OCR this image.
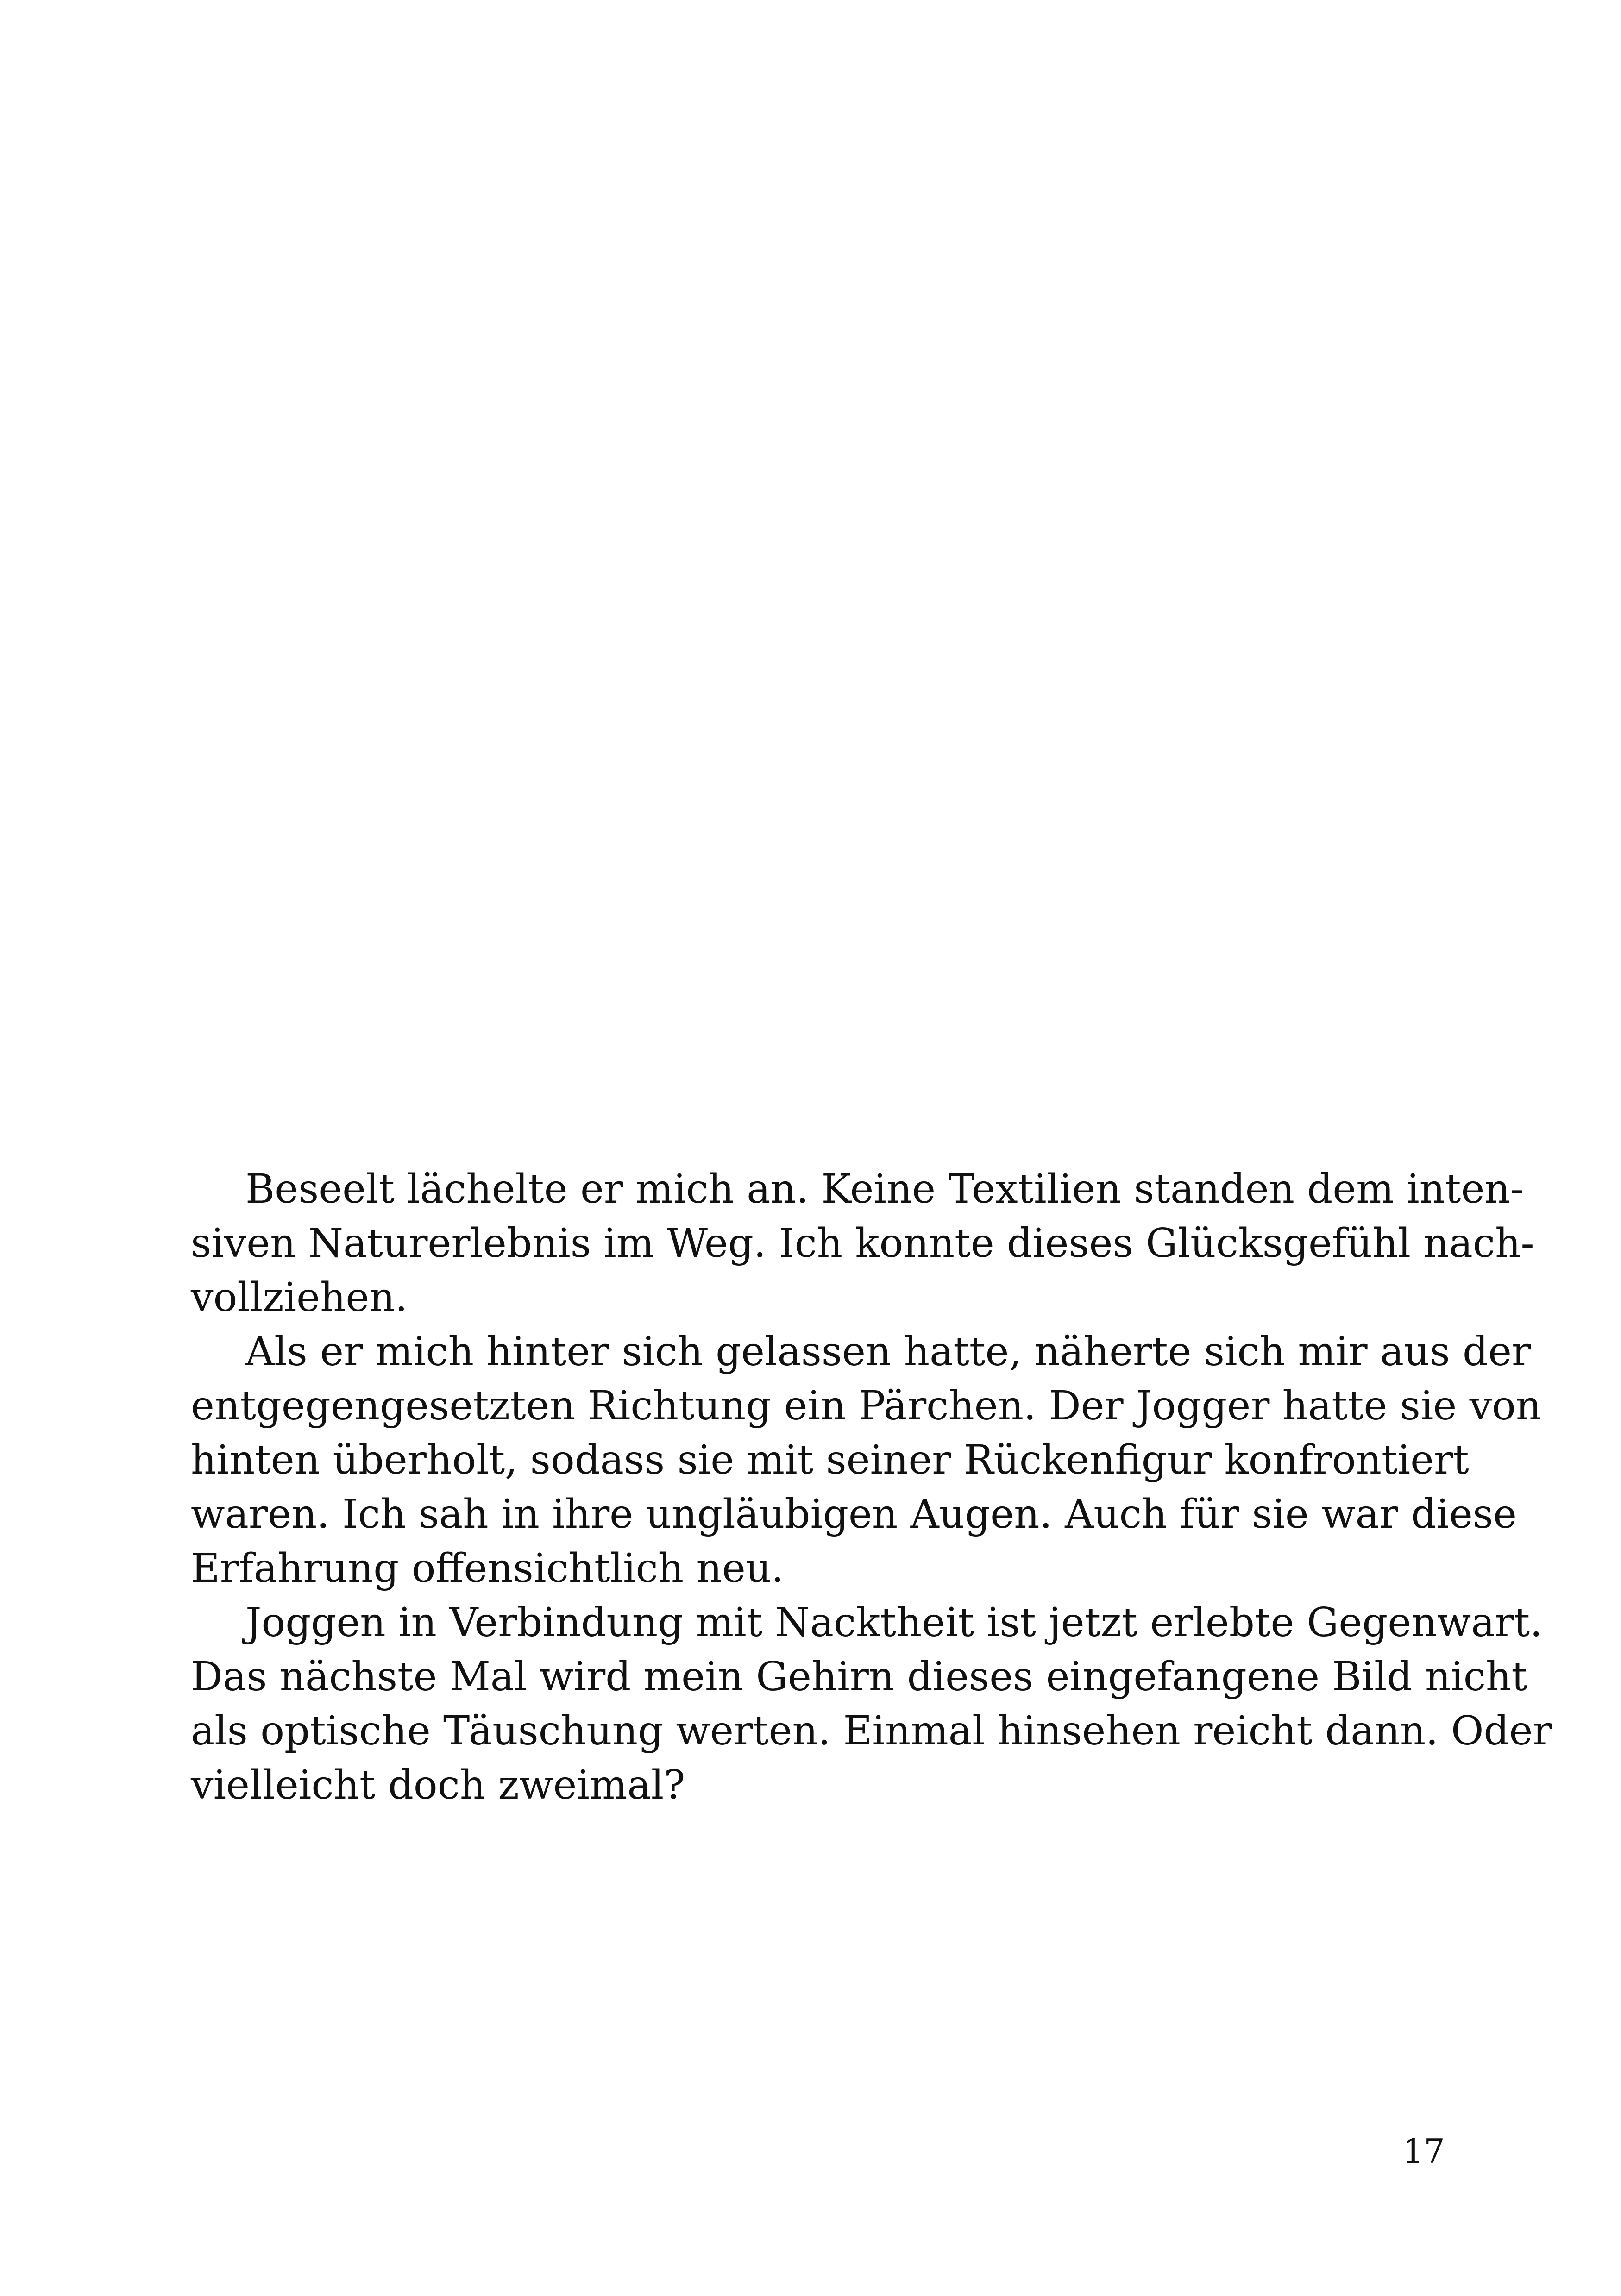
Beseelt lächelte er mich an. Keine Textilien standen dem inten-
siven Naturerlebnis im Weg. Ich konnte dieses Glücksgefühl nach-
vollziehen.
Als er mich hinter sich gelassen hatte, näherte sich mir aus der
entgegengesetzten Richtung ein Pärchen. Der Jogger hatte sie von
hinten überholt, sodass sie mit seiner Rückenfigur konfrontiert
waren. Ich sah in ihre ungläubigen Augen. Auch für sie war diese
Erfahrung offensichtlich neu.
Joggen in Verbindung mit Nacktheit ist jetzt erlebte Gegenwart.
Das nächste Mal wird mein Gehirn dieses eingefangene Bild nicht
als optische Täuschung werten. Einmal hinsehen reicht dann. Oder
vielleicht doch zweimal?
17
